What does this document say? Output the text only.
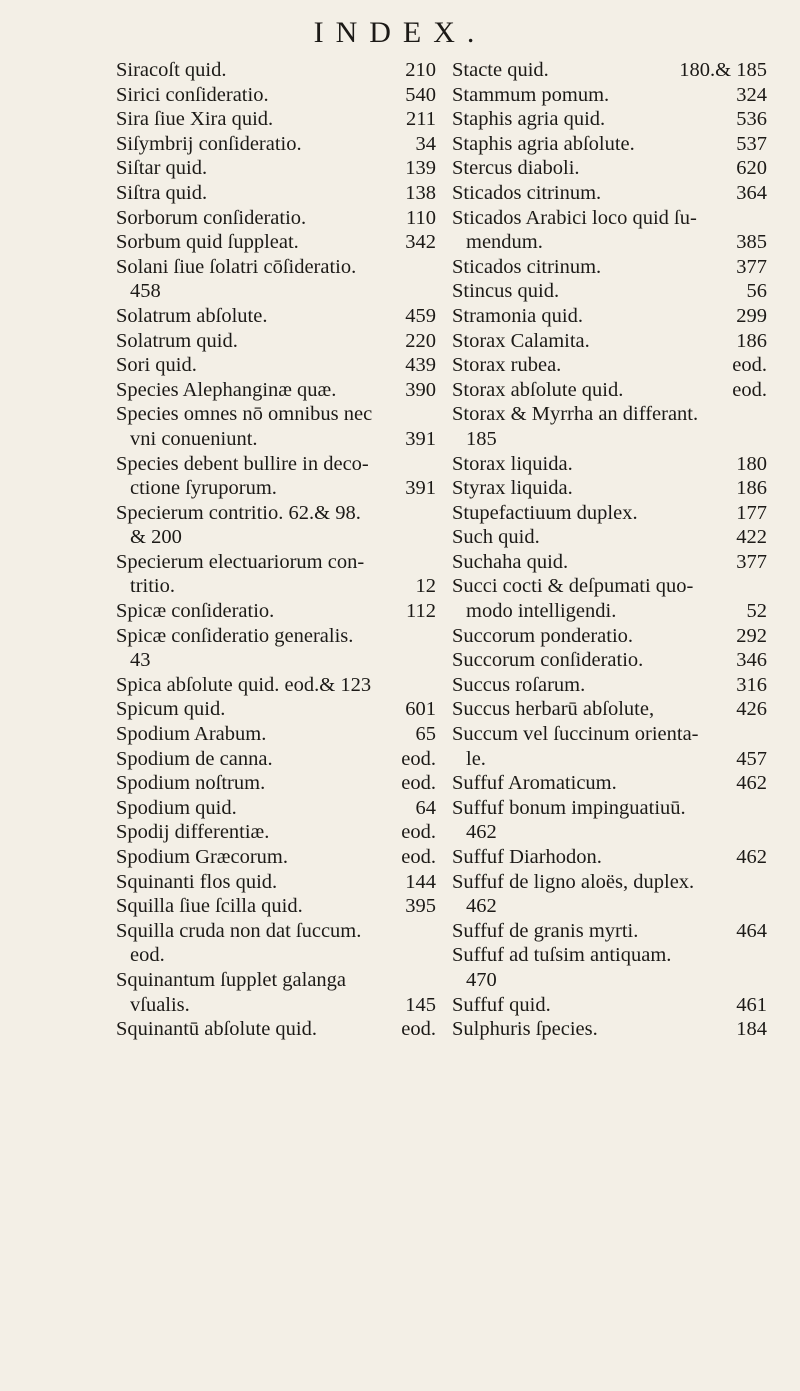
INDEX.
Siracoſt quid.	210
Sirici conſideratio.	540
Sira ſiue Xira quid.	211
Siſymbrij conſideratio.	34
Siſtar quid.	139
Siſtra quid.	138
Sorborum conſideratio.	110
Sorbum quid ſuppleat.	342
Solani ſiue ſolatri cōſideratio.
458
Solatrum abſolute.	459
Solatrum quid.	220
Sori quid.	439
Species Alephanginæ quæ.	390
Species omnes nō omnibus nec
vni conueniunt.	391
Species debent bullire in deco-
ctione ſyruporum.	391
Specierum contritio. 62.& 98.
& 200
Specierum electuariorum con-
tritio.	12
Spicæ conſideratio.	112
Spicæ conſideratio generalis.
43
Spica abſolute quid. eod.& 123
Spicum quid.	601
Spodium Arabum.	65
Spodium de canna.	eod.
Spodium noſtrum.	eod.
Spodium quid.	64
Spodij differentiæ.	eod.
Spodium Græcorum.	eod.
Squinanti flos quid.	144
Squilla ſiue ſcilla quid.	395
Squilla cruda non dat ſuccum.
eod.
Squinantum ſupplet galanga
vſualis.	145
Squinantū abſolute quid.	eod.
Stacte quid.	180.& 185
Stammum pomum.	324
Staphis agria quid.	536
Staphis agria abſolute.	537
Stercus diaboli.	620
Sticados citrinum.	364
Sticados Arabici loco quid ſu-
mendum.	385
Sticados citrinum.	377
Stincus quid.	56
Stramonia quid.	299
Storax Calamita.	186
Storax rubea.	eod.
Storax abſolute quid.	eod.
Storax & Myrrha an differant.
185
Storax liquida.	180
Styrax liquida.	186
Stupefactiuum duplex.	177
Such quid.	422
Suchaha quid.	377
Succi cocti & deſpumati quo-
modo intelligendi.	52
Succorum ponderatio.	292
Succorum conſideratio.	346
Succus roſarum.	316
Succus herbarū abſolute,	426
Succum vel ſuccinum orienta-
le.	457
Suffuf Aromaticum.	462
Suffuf bonum impinguatiuū.
462
Suffuf Diarhodon.	462
Suffuf de ligno aloës, duplex.
462
Suffuf de granis myrti.	464
Suffuf ad tuſsim antiquam.
470
Suffuf quid.	461
Sulphuris ſpecies.	184
